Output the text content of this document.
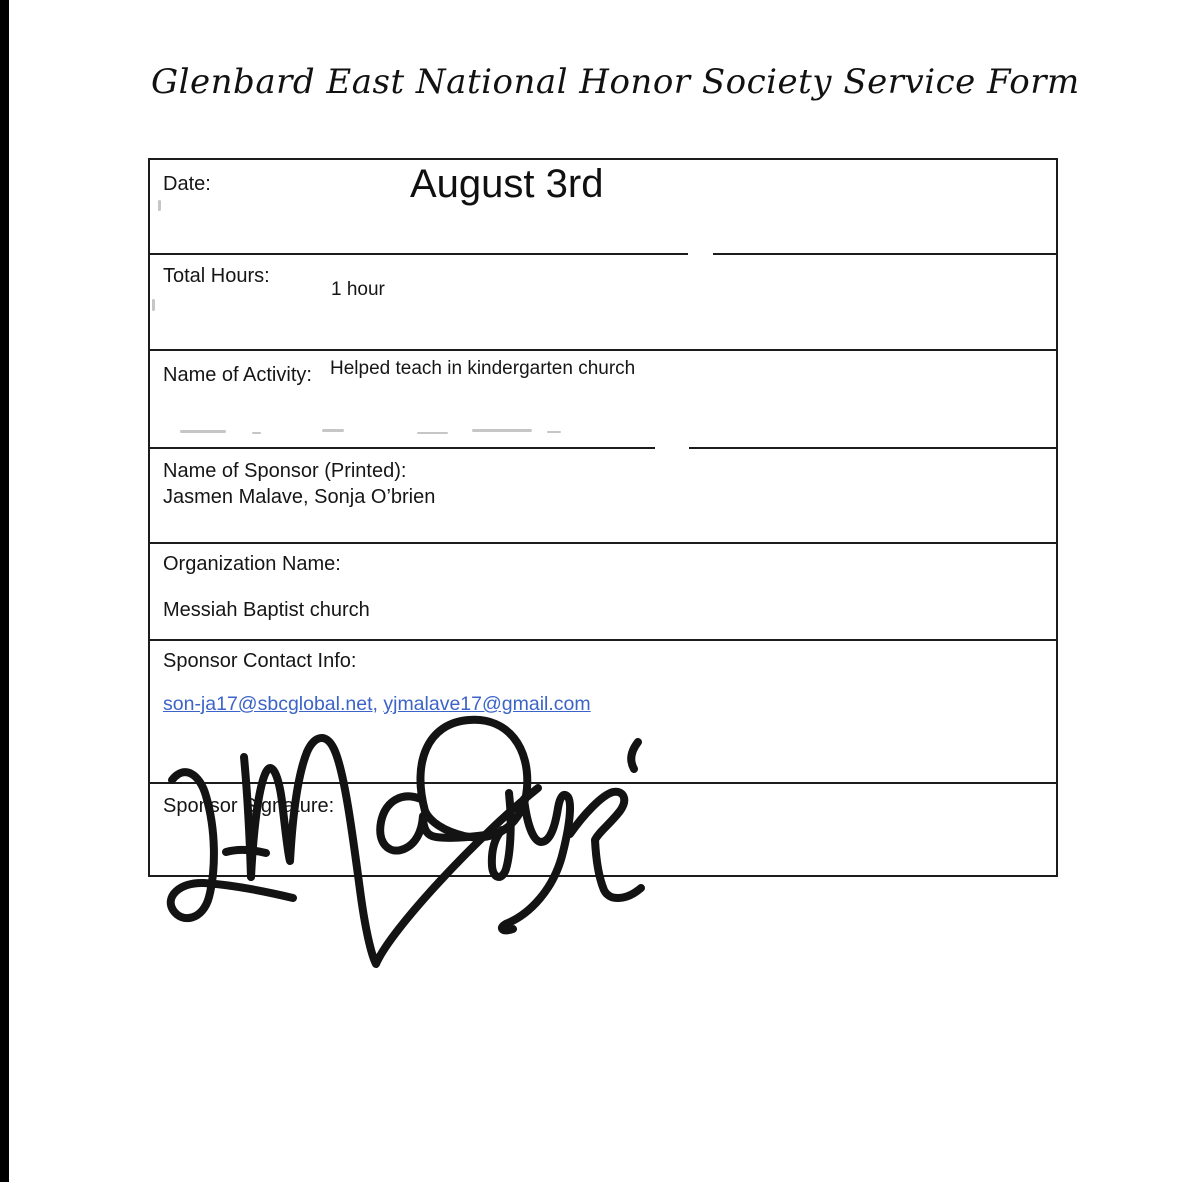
Glenbard East National Honor Society Service Form
Date:	August 3rd
Total Hours:
1 hour
Name of Activity: Helped teach in kindergarten church
Name of Sponsor (Printed):
Jasmen Malave, Sonja O’brien
Organization Name:
Messiah Baptist church
Sponsor Contact Info:
son-ja17@sbcglobal.net, yjmalave17@gmail.com
Sponsor Signature:
